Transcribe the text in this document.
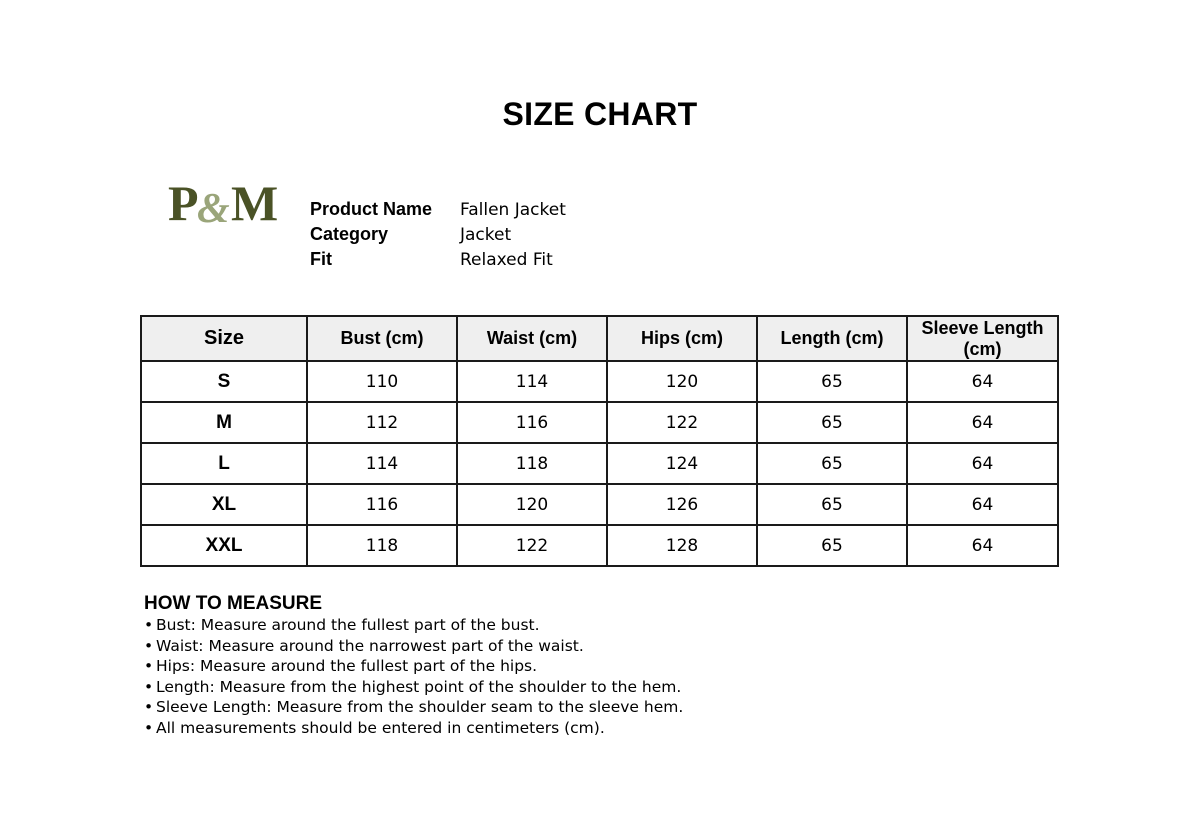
SIZE CHART
P
& M Product Name	Fallen Jacket
Category	Jacket
Fit	Relaxed Fit
Size	Bust (cm)	Waist (cm)	Hips (cm)	Length (cm)	Sleeve Length (cm)
S	110	114	120	65	64
M	112	116	122	65	64
L	114	118	124	65	64
XL	116	120	126	65	64
XXL	118	122	128	65	64
HOW TO MEASURE
• Bust: Measure around the fullest part of the bust.
• Waist: Measure around the narrowest part of the waist.
• Hips: Measure around the fullest part of the hips.
• Length: Measure from the highest point of the shoulder to the hem.
• Sleeve Length: Measure from the shoulder seam to the sleeve hem.
• All measurements should be entered in centimeters (cm).
